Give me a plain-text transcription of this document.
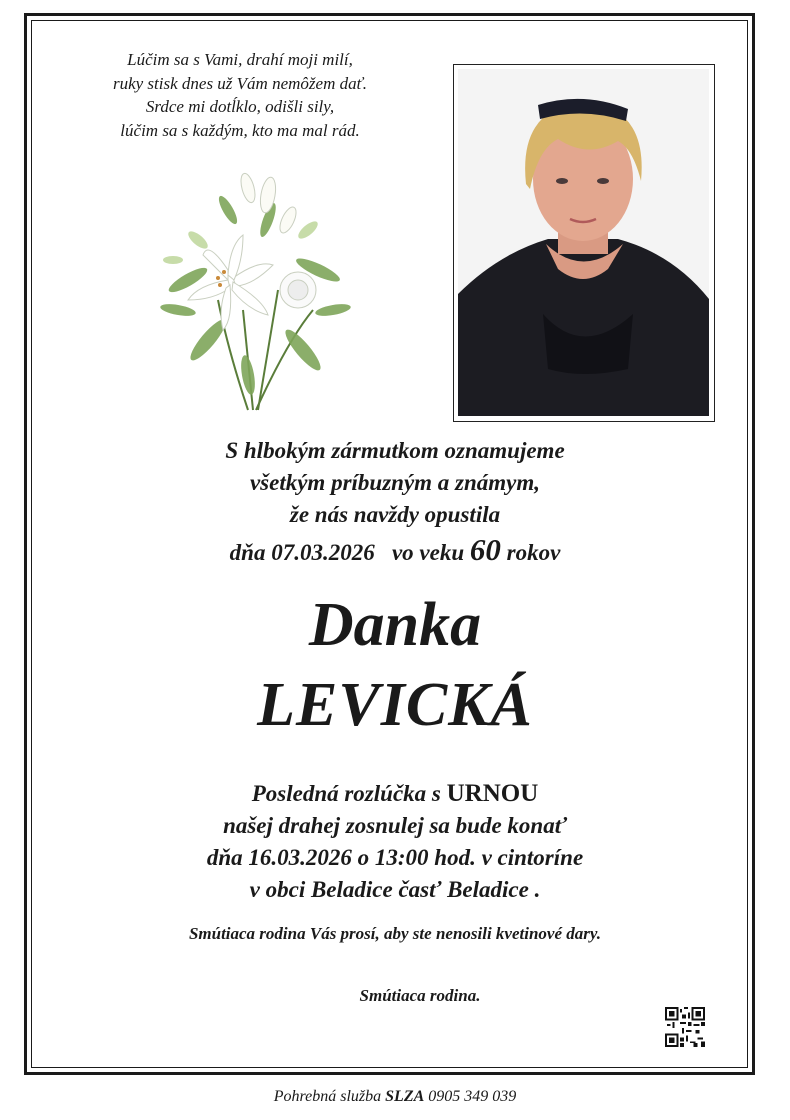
Lúčim sa s Vami, drahí moji milí,
ruky stisk dnes už Vám nemôžem dať.
Srdce mi dotĺklo, odišli sily,
lúčim sa s každým, kto ma mal rád.
S hlbokým zármutkom oznamujeme
všetkým príbuzným a známym,
že nás navždy opustila
dňa 07.03.2026 vo veku 60 rokov
Danka
LEVICKÁ
Posledná rozlúčka s URNOU
našej drahej zosnulej sa bude konať
dňa 16.03.2026 o 13:00 hod. v cintoríne
v obci Beladice časť Beladice .
Smútiaca rodina Vás prosí, aby ste nenosili kvetinové dary.
Smútiaca rodina.
Pohrebná služba SLZA 0905 349 039
